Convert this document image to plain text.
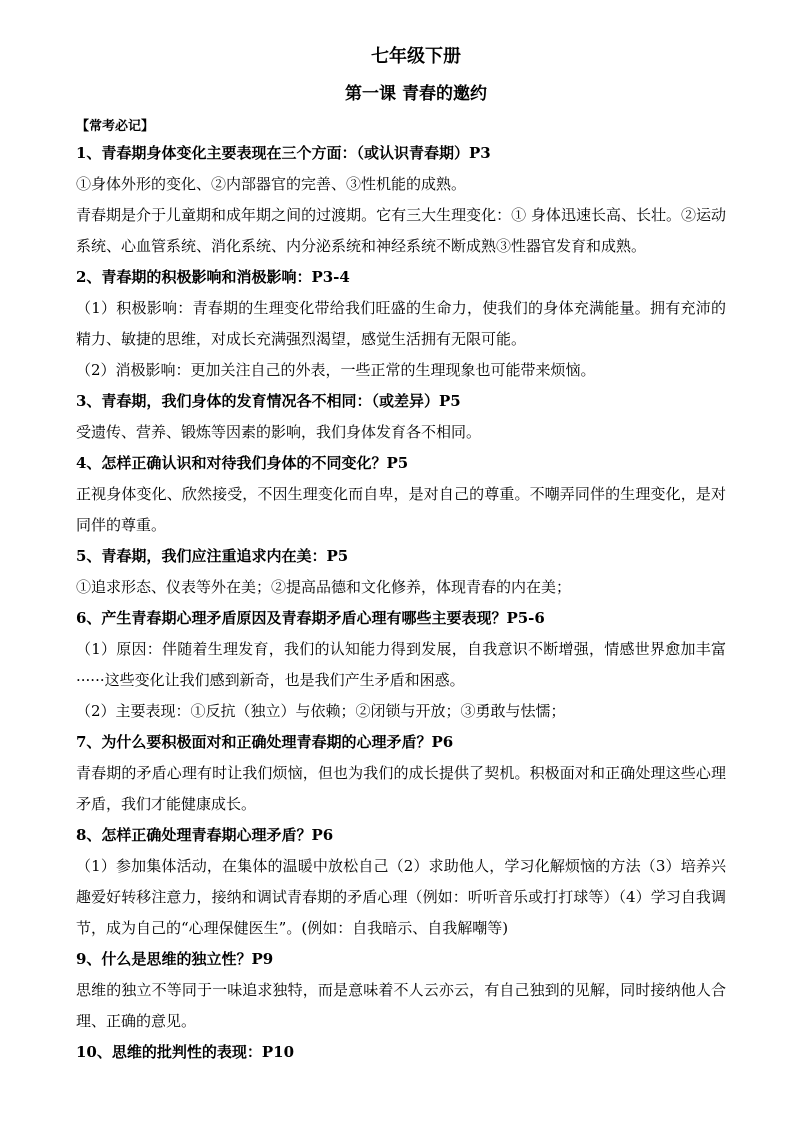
七年级下册
第一课 青春的邀约
【常考必记】
1、青春期身体变化主要表现在三个方面：（或认识青春期）P3
①身体外形的变化、②内部器官的完善、③性机能的成熟。
青春期是介于儿童期和成年期之间的过渡期。它有三大生理变化：① 身体迅速长高、长壮。②运动系统、心血管系统、消化系统、内分泌系统和神经系统不断成熟③性器官发育和成熟。
2、青春期的积极影响和消极影响：P3-4
（1）积极影响：青春期的生理变化带给我们旺盛的生命力，使我们的身体充满能量。拥有充沛的精力、敏捷的思维，对成长充满强烈渴望，感觉生活拥有无限可能。
（2）消极影响：更加关注自己的外表，一些正常的生理现象也可能带来烦恼。
3、青春期，我们身体的发育情况各不相同：（或差异）P5
受遗传、营养、锻炼等因素的影响，我们身体发育各不相同。
4、怎样正确认识和对待我们身体的不同变化？P5
正视身体变化、欣然接受，不因生理变化而自卑，是对自己的尊重。不嘲弄同伴的生理变化，是对同伴的尊重。
5、青春期，我们应注重追求内在美：P5
①追求形态、仪表等外在美；②提高品德和文化修养，体现青春的内在美；
6、产生青春期心理矛盾原因及青春期矛盾心理有哪些主要表现？P5-6
（1）原因：伴随着生理发育，我们的认知能力得到发展，自我意识不断增强，情感世界愈加丰富······这些变化让我们感到新奇，也是我们产生矛盾和困惑。
（2）主要表现：①反抗（独立）与依赖；②闭锁与开放；③勇敢与怯懦；
7、为什么要积极面对和正确处理青春期的心理矛盾？P6
青春期的矛盾心理有时让我们烦恼，但也为我们的成长提供了契机。积极面对和正确处理这些心理矛盾，我们才能健康成长。
8、怎样正确处理青春期心理矛盾？P6
（1）参加集体活动，在集体的温暖中放松自己（2）求助他人，学习化解烦恼的方法（3）培养兴趣爱好转移注意力，接纳和调试青春期的矛盾心理（例如：听听音乐或打打球等）（4）学习自我调节，成为自己的“心理保健医生”。(例如：自我暗示、自我解嘲等)
9、什么是思维的独立性？P9
思维的独立不等同于一味追求独特，而是意味着不人云亦云，有自己独到的见解，同时接纳他人合理、正确的意见。
10、思维的批判性的表现：P10
